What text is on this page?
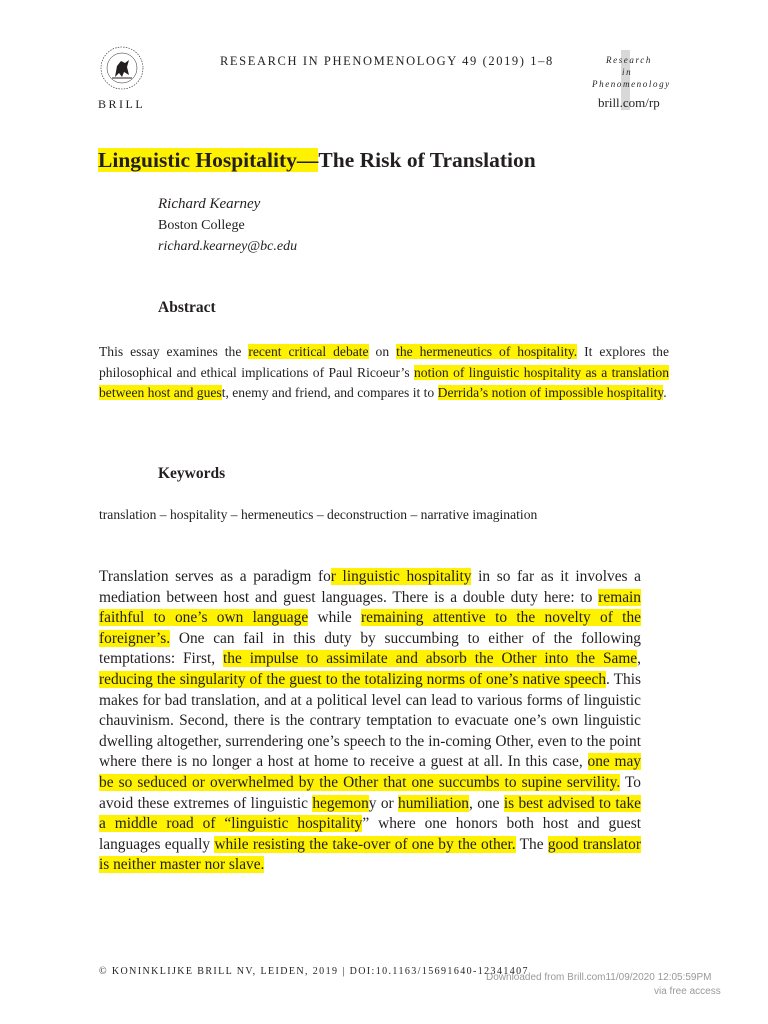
BRILL
RESEARCH IN PHENOMENOLOGY 49 (2019) 1–8	Research
in
Phenomenology
brill.com/rp
Linguistic Hospitality—The Risk of Translation
Richard Kearney
Boston College
richard.kearney@bc.edu
Abstract
This essay examines the recent critical debate on the hermeneutics of hospitality. It explores the philosophical and ethical implications of Paul Ricoeur’s notion of linguistic hospitality as a translation between host and guest, enemy and friend, and compares it to Derrida’s notion of impossible hospitality.
Keywords
translation – hospitality – hermeneutics – deconstruction – narrative imagination
Translation serves as a paradigm for linguistic hospitality in so far as it involves a mediation between host and guest languages. There is a double duty here: to remain faithful to one’s own language while remaining attentive to the novelty of the foreigner’s. One can fail in this duty by succumbing to either of the following temptations: First, the impulse to assimilate and absorb the Other into the Same, reducing the singularity of the guest to the totalizing norms of one’s native speech. This makes for bad translation, and at a political level can lead to various forms of linguistic chauvinism. Second, there is the contrary temptation to evacuate one’s own linguistic dwelling altogether, surrendering one’s speech to the in-coming Other, even to the point where there is no longer a host at home to receive a guest at all. In this case, one may be so seduced or overwhelmed by the Other that one succumbs to supine servility. To avoid these extremes of linguistic hegemony or humiliation, one is best advised to take a middle road of “linguistic hospitality” where one honors both host and guest languages equally while resisting the take-over of one by the other. The good translator is neither master nor slave.
© KONINKLIJKE BRILL NV, LEIDEN, 2019 | DOI:10.1163/15691640-12341407
Downloaded from Brill.com11/09/2020 12:05:59PM
via free access
